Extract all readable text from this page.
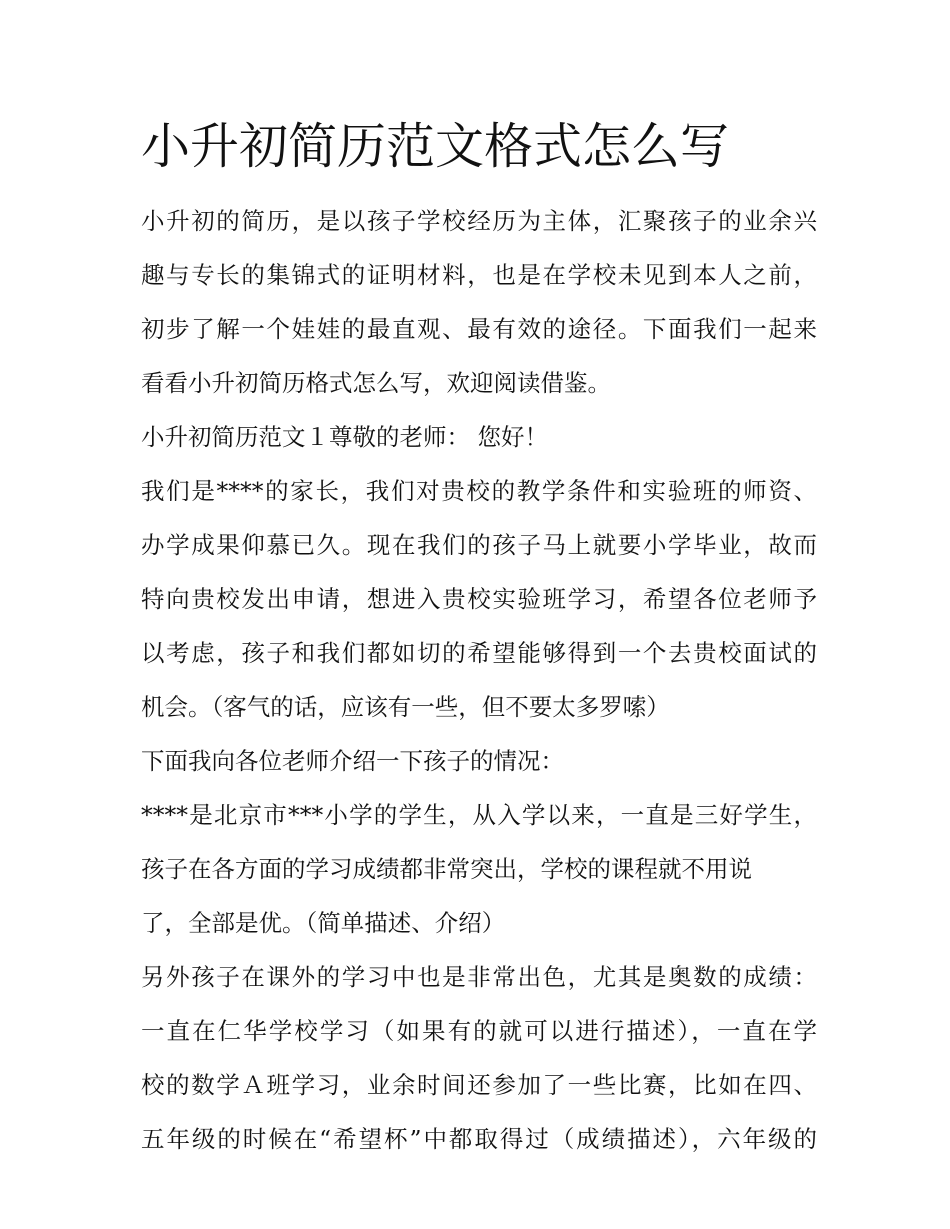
小升初简历范文格式怎么写
小升初的简历，是以孩子学校经历为主体，汇聚孩子的业余兴
趣与专长的集锦式的证明材料，也是在学校未见到本人之前，
初步了解一个娃娃的最直观、最有效的途径。下面我们一起来
看看小升初简历格式怎么写，欢迎阅读借鉴。
小升初简历范文１尊敬的老师： 您好！
我们是****的家长，我们对贵校的教学条件和实验班的师资、
办学成果仰慕已久。现在我们的孩子马上就要小学毕业，故而
特向贵校发出申请，想进入贵校实验班学习，希望各位老师予
以考虑，孩子和我们都如切的希望能够得到一个去贵校面试的
机会。（客气的话，应该有一些，但不要太多罗嗦）
下面我向各位老师介绍一下孩子的情况：
****是北京市***小学的学生，从入学以来，一直是三好学生，
孩子在各方面的学习成绩都非常突出，学校的课程就不用说
了，全部是优。（简单描述、介绍）
另外孩子在课外的学习中也是非常出色，尤其是奥数的成绩：
一直在仁华学校学习（如果有的就可以进行描述），一直在学
校的数学Ａ班学习，业余时间还参加了一些比赛，比如在四、
五年级的时候在“希望杯”中都取得过（成绩描述），六年级的
